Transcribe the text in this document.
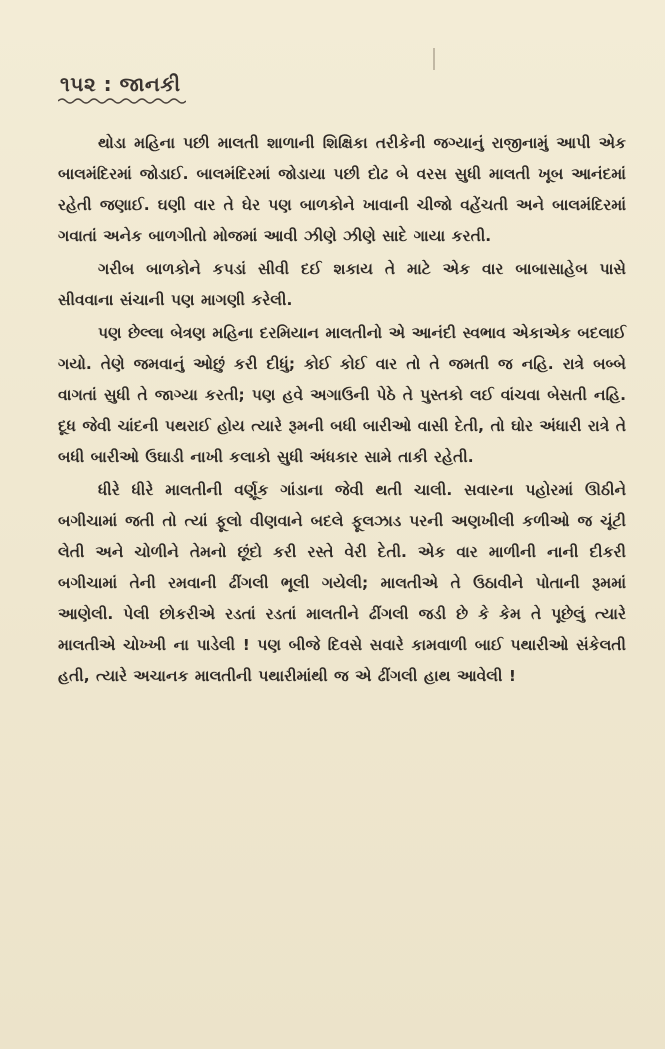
૧૫૨ : જાનકી

થોડા મહિના પછી માલતી શાળાની શિક્ષિકા તરીકેની જગ્યાનું રાજીનામું આપી એક બાલમંદિરમાં જોડાઈ. બાલમંદિરમાં જોડાયા પછી દોઢ બે વરસ સુધી માલતી ખૂબ આનંદમાં રહેતી જણાઈ. ઘણી વાર તે ઘેર પણ બાળકોને ખાવાની ચીજો વહેંચતી અને બાલમંદિરમાં ગવાતાં અનેક બાળગીતો મોજમાં આવી ઝીણે ઝીણે સાદે ગાયા કરતી.

ગરીબ બાળકોને કપડાં સીવી દઈ શકાય તે માટે એક વાર બાબાસાહેબ પાસે સીવવાના સંચાની પણ માગણી કરેલી.

પણ છેલ્લા બેત્રણ મહિના દરમિયાન માલતીનો એ આનંદી સ્વભાવ એકાએક બદલાઈ ગયો. તેણે જમવાનું ઓછું કરી દીધું; કોઈ કોઈ વાર તો તે જમતી જ નહિ. રાત્રે બબ્બે વાગતાં સુધી તે જાગ્યા કરતી; પણ હવે અગાઉની પેઠે તે પુસ્તકો લઈ વાંચવા બેસતી નહિ. દૂધ જેવી ચાંદની પથરાઈ હોય ત્યારે રૂમની બધી બારીઓ વાસી દેતી, તો ઘોર અંધારી રાત્રે તે બધી બારીઓ ઉઘાડી નાખી કલાકો સુધી અંધકાર સામે તાકી રહેતી.

ધીરે ધીરે માલતીની વર્ણૂક ગાંડાના જેવી થતી ચાલી. સવારના પહોરમાં ઊઠીને બગીચામાં જતી તો ત્યાં ફૂલો વીણવાને બદલે ફૂલઝાડ પરની અણખીલી કળીઓ જ ચૂંટી લેતી અને ચોળીને તેમનો છૂંદો કરી રસ્તે વેરી દેતી. એક વાર માળીની નાની દીકરી બગીચામાં તેની રમવાની ઢીંગલી ભૂલી ગયેલી; માલતીએ તે ઉઠાવીને પોતાની રૂમમાં આણેલી. પેલી છોકરીએ રડતાં રડતાં માલતીને ઢીંગલી જડી છે કે કેમ તે પૂછેલું ત્યારે માલતીએ ચોખ્ખી ના પાડેલી ! પણ બીજે દિવસે સવારે કામવાળી બાઈ પથારીઓ સંકેલતી હતી, ત્યારે અચાનક માલતીની પથારીમાંથી જ એ ઢીંગલી હાથ આવેલી !
